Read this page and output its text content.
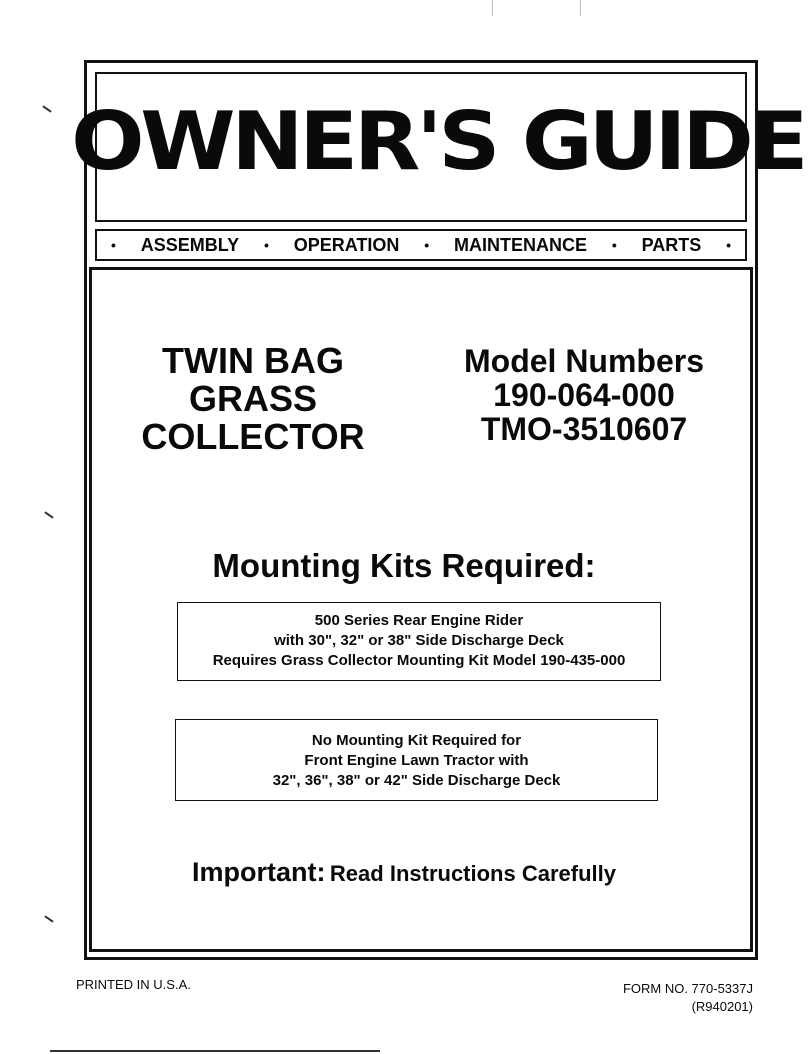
OWNER'S GUIDE
• ASSEMBLY • OPERATION • MAINTENANCE • PARTS •
TWIN BAG
GRASS
COLLECTOR
Model Numbers
190-064-000
TMO-3510607
Mounting Kits Required:
500 Series Rear Engine Rider
with 30", 32" or 38" Side Discharge Deck
Requires Grass Collector Mounting Kit Model 190-435-000
No Mounting Kit Required for
Front Engine Lawn Tractor with
32", 36", 38" or 42" Side Discharge Deck
Important: Read Instructions Carefully
PRINTED IN U.S.A.	FORM NO. 770-5337J
(R940201)
